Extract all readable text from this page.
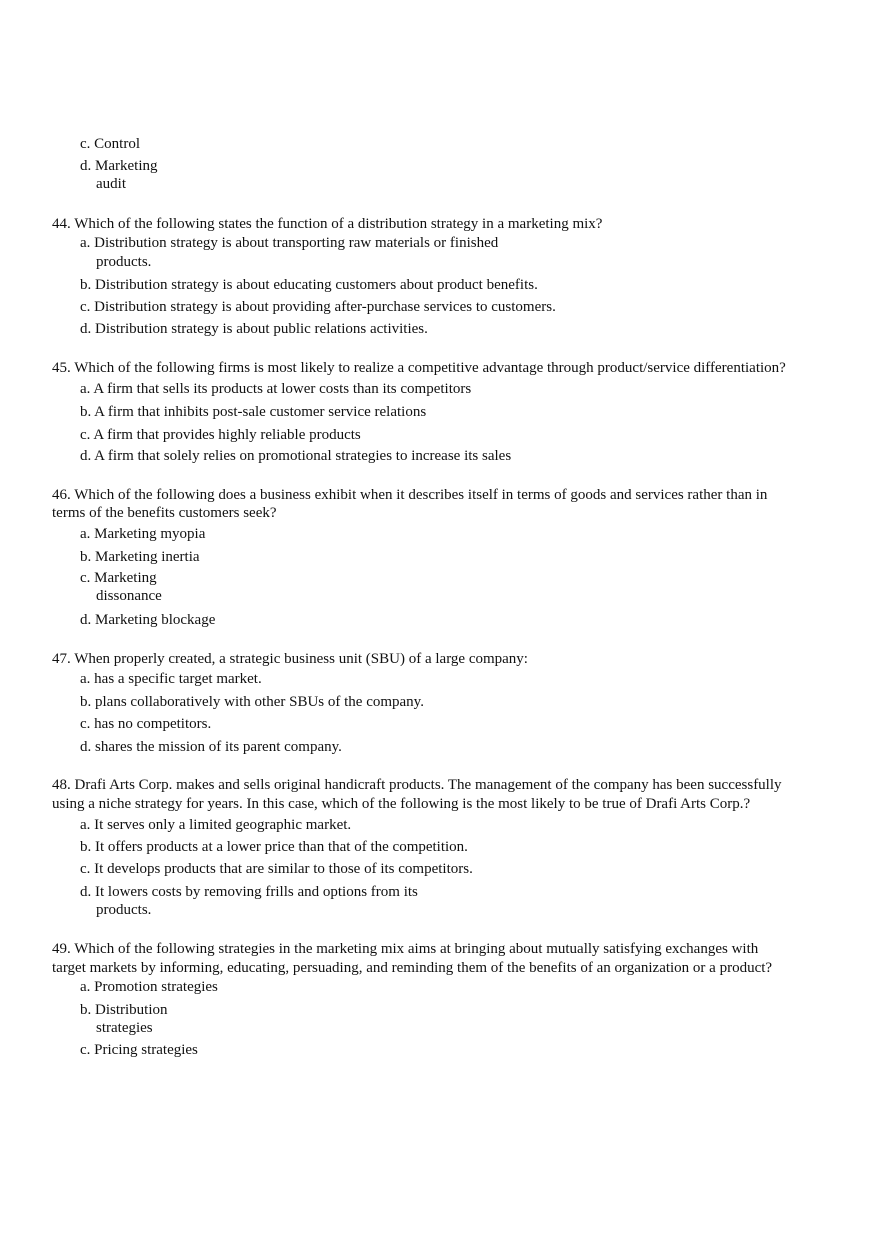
c. Control
d. Marketing
audit
44. Which of the following states the function of a distribution strategy in a marketing mix?
a. Distribution strategy is about transporting raw materials or finished
products.
b. Distribution strategy is about educating customers about product benefits.
c. Distribution strategy is about providing after-purchase services to customers.
d. Distribution strategy is about public relations activities.
45. Which of the following firms is most likely to realize a competitive advantage through product/service differentiation?
a. A firm that sells its products at lower costs than its competitors
b. A firm that inhibits post-sale customer service relations
c. A firm that provides highly reliable products
d. A firm that solely relies on promotional strategies to increase its sales
46. Which of the following does a business exhibit when it describes itself in terms of goods and services rather than in
terms of the benefits customers seek?
a. Marketing myopia
b. Marketing inertia
c. Marketing
dissonance
d. Marketing blockage
47. When properly created, a strategic business unit (SBU) of a large company:
a. has a specific target market.
b. plans collaboratively with other SBUs of the company.
c. has no competitors.
d. shares the mission of its parent company.
48. Drafi Arts Corp. makes and sells original handicraft products. The management of the company has been successfully
using a niche strategy for years. In this case, which of the following is the most likely to be true of Drafi Arts Corp.?
a. It serves only a limited geographic market.
b. It offers products at a lower price than that of the competition.
c. It develops products that are similar to those of its competitors.
d. It lowers costs by removing frills and options from its
products.
49. Which of the following strategies in the marketing mix aims at bringing about mutually satisfying exchanges with
target markets by informing, educating, persuading, and reminding them of the benefits of an organization or a product?
a. Promotion strategies
b. Distribution
strategies
c. Pricing strategies
